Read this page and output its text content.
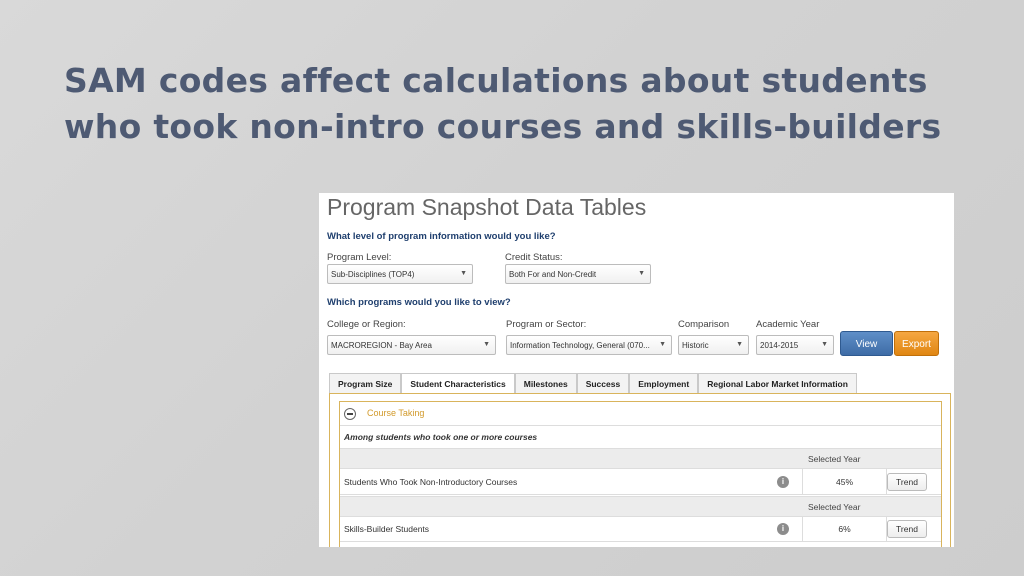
SAM codes affect calculations about students
who took non-intro courses and skills-builders
Program Snapshot Data Tables
What level of program information would you like?
Program Level:
Sub-Disciplines (TOP4)	▼
Credit Status:
Both For and Non-Credit	▼
Which programs would you like to view?
College or Region:
MACROREGION - Bay Area	▼
Program or Sector:
Information Technology, General (070... ▼
Comparison
Historic	▼
Academic Year
2014-2015	▼	View	Export
Program Size	Student Characteristics	Milestones	Success	Employment	Regional Labor Market Information
Course Taking
Among students who took one or more courses
Selected Year
Students Who Took Non-Introductory Courses	i	45%	Trend
Selected Year
Skills-Builder Students	i	6%	Trend
